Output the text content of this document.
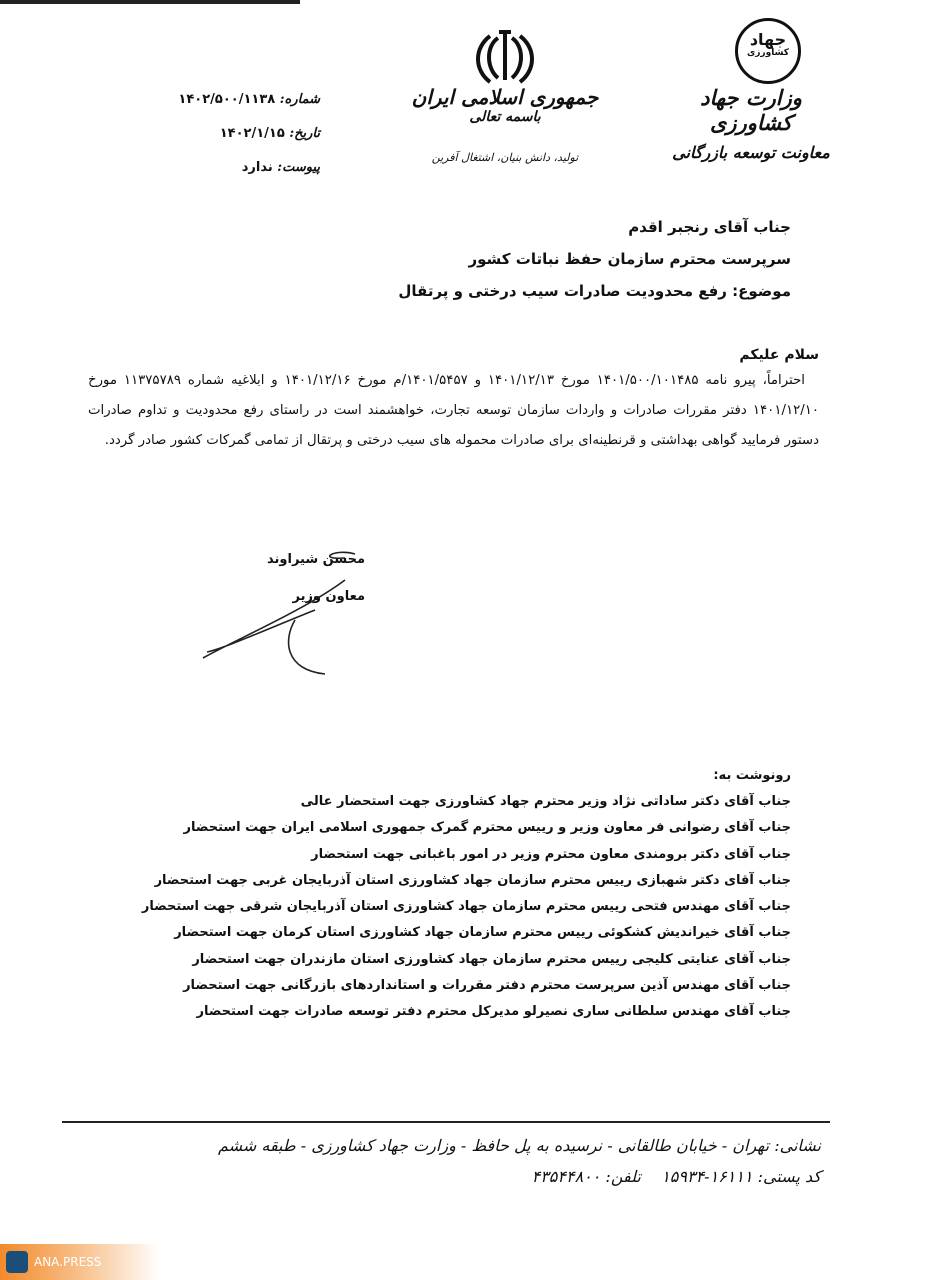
جهاد
کشاورزی
وزارت جهاد کشاورزی
معاونت توسعه بازرگانی
جمهوری اسلامی ایران
باسمه تعالی
تولید، دانش بنیان، اشتغال آفرین
شماره: ۱۴۰۲/۵۰۰/۱۱۳۸
تاریخ: ۱۴۰۲/۱/۱۵
پیوست: ندارد
جناب آقای رنجبر اقدم
سرپرست محترم سازمان حفظ نباتات کشور
موضوع: رفع محدودیت صادرات سیب درختی و پرتقال
سلام علیکم

احتراماً، پیرو نامه ۱۴۰۱/۵۰۰/۱۰۱۴۸۵ مورخ ۱۴۰۱/۱۲/۱۳ و ۱۴۰۱/۵۴۵۷/م مورخ ۱۴۰۱/۱۲/۱۶ و ابلاغیه شماره ۱۱۳۷۵۷۸۹ مورخ ۱۴۰۱/۱۲/۱۰ دفتر مقررات صادرات و واردات سازمان توسعه تجارت، خواهشمند است در راستای رفع محدودیت و تداوم صادرات دستور فرمایید گواهی بهداشتی و قرنطینه‌ای برای صادرات محموله های سیب درختی و پرتقال از تمامی گمرکات کشور صادر گردد.

محسن شیراوند
معاون وزیر
رونوشت به:
جناب آقای دکتر ساداتی نژاد وزیر محترم جهاد کشاورزی جهت استحضار عالی
جناب آقای رضوانی فر معاون وزیر و رییس محترم گمرک جمهوری اسلامی ایران جهت استحضار
جناب آقای دکتر برومندی معاون محترم وزیر در امور باغبانی جهت استحضار
جناب آقای دکتر شهبازی رییس محترم سازمان جهاد کشاورزی استان آذربایجان غربی جهت استحضار
جناب آقای مهندس فتحی رییس محترم سازمان جهاد کشاورزی استان آذربایجان شرقی جهت استحضار
جناب آقای خیراندیش کشکوئی رییس محترم سازمان جهاد کشاورزی استان کرمان جهت استحضار
جناب آقای عنایتی کلیجی رییس محترم سازمان جهاد کشاورزی استان مازندران جهت استحضار
جناب آقای مهندس آذین سرپرست محترم دفتر مقررات و استانداردهای بازرگانی جهت استحضار
جناب آقای مهندس سلطانی ساری نصیرلو مدیرکل محترم دفتر توسعه صادرات جهت استحضار
نشانی: تهران - خیابان طالقانی - نرسیده به پل حافظ - وزارت جهاد کشاورزی - طبقه ششم
کد پستی: ۱۶۱۱۱-۱۵۹۳۴    تلفن: ۴۳۵۴۴۸۰۰
ANA.PRESS
